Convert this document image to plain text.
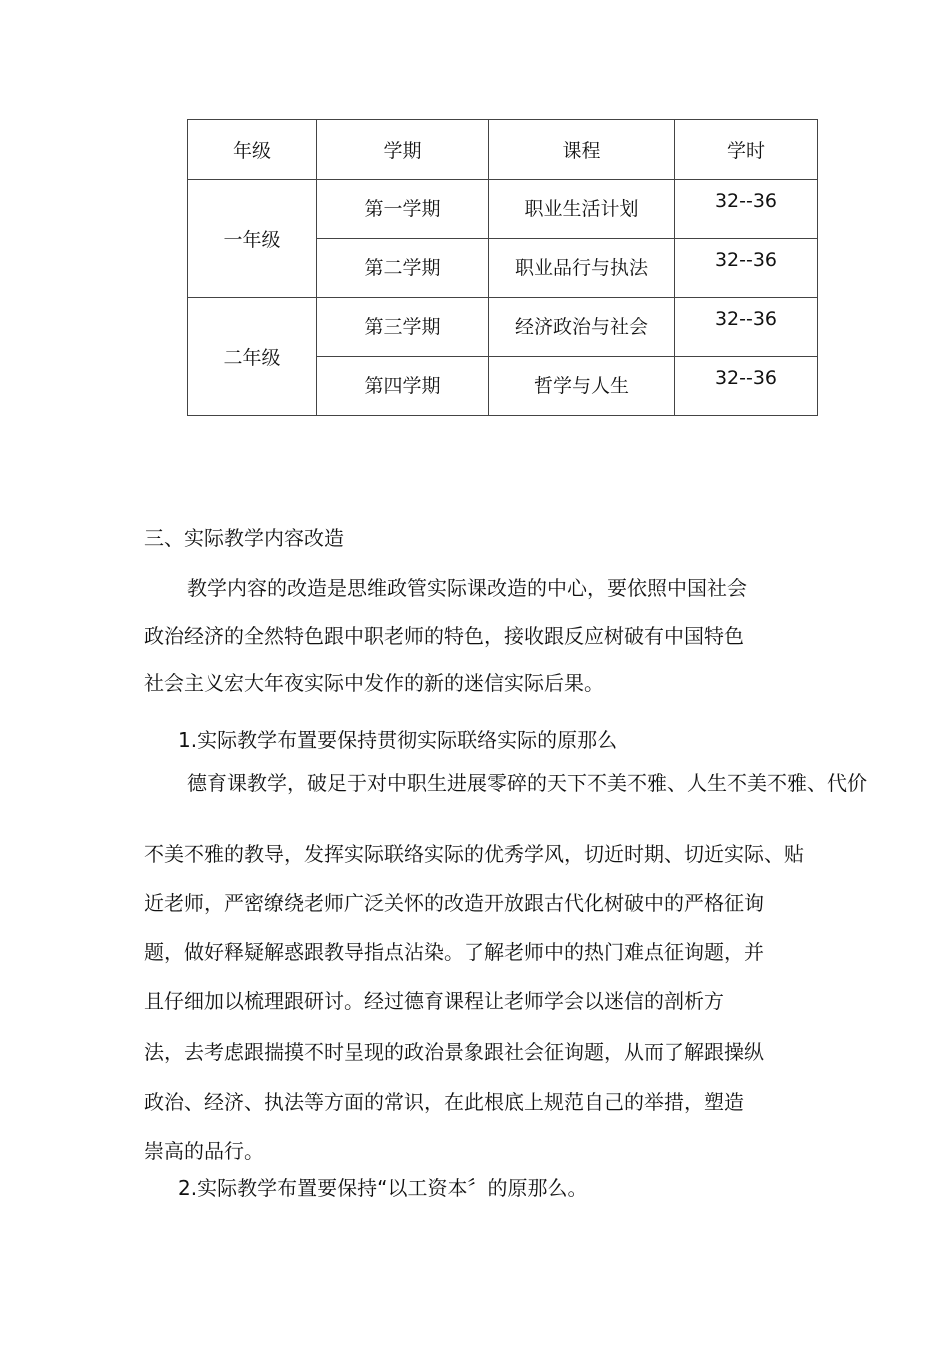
年级	学期	课程	学时
一年级	第一学期	职业生活计划	32--36
	第二学期	职业品行与执法	32--36
二年级	第三学期	经济政治与社会	32--36
	第四学期	哲学与人生	32--36

三、实际教学内容改造

教学内容的改造是思维政管实际课改造的中心，要依照中国社会

政治经济的全然特色跟中职老师的特色，接收跟反应树破有中国特色

社会主义宏大年夜实际中发作的新的迷信实际后果。

1.实际教学布置要保持贯彻实际联络实际的原那么

德育课教学，破足于对中职生进展零碎的天下不美不雅、人生不美不雅、代价

不美不雅的教导，发挥实际联络实际的优秀学风，切近时期、切近实际、贴

近老师，严密缭绕老师广泛关怀的改造开放跟古代化树破中的严格征询

题，做好释疑解惑跟教导指点沾染。了解老师中的热门难点征询题，并

且仔细加以梳理跟研讨。经过德育课程让老师学会以迷信的剖析方

法，去考虑跟揣摸不时呈现的政治景象跟社会征询题，从而了解跟操纵

政治、经济、执法等方面的常识，在此根底上规范自己的举措，塑造

崇高的品行。

2.实际教学布置要保持“以工资本〞的原那么。
